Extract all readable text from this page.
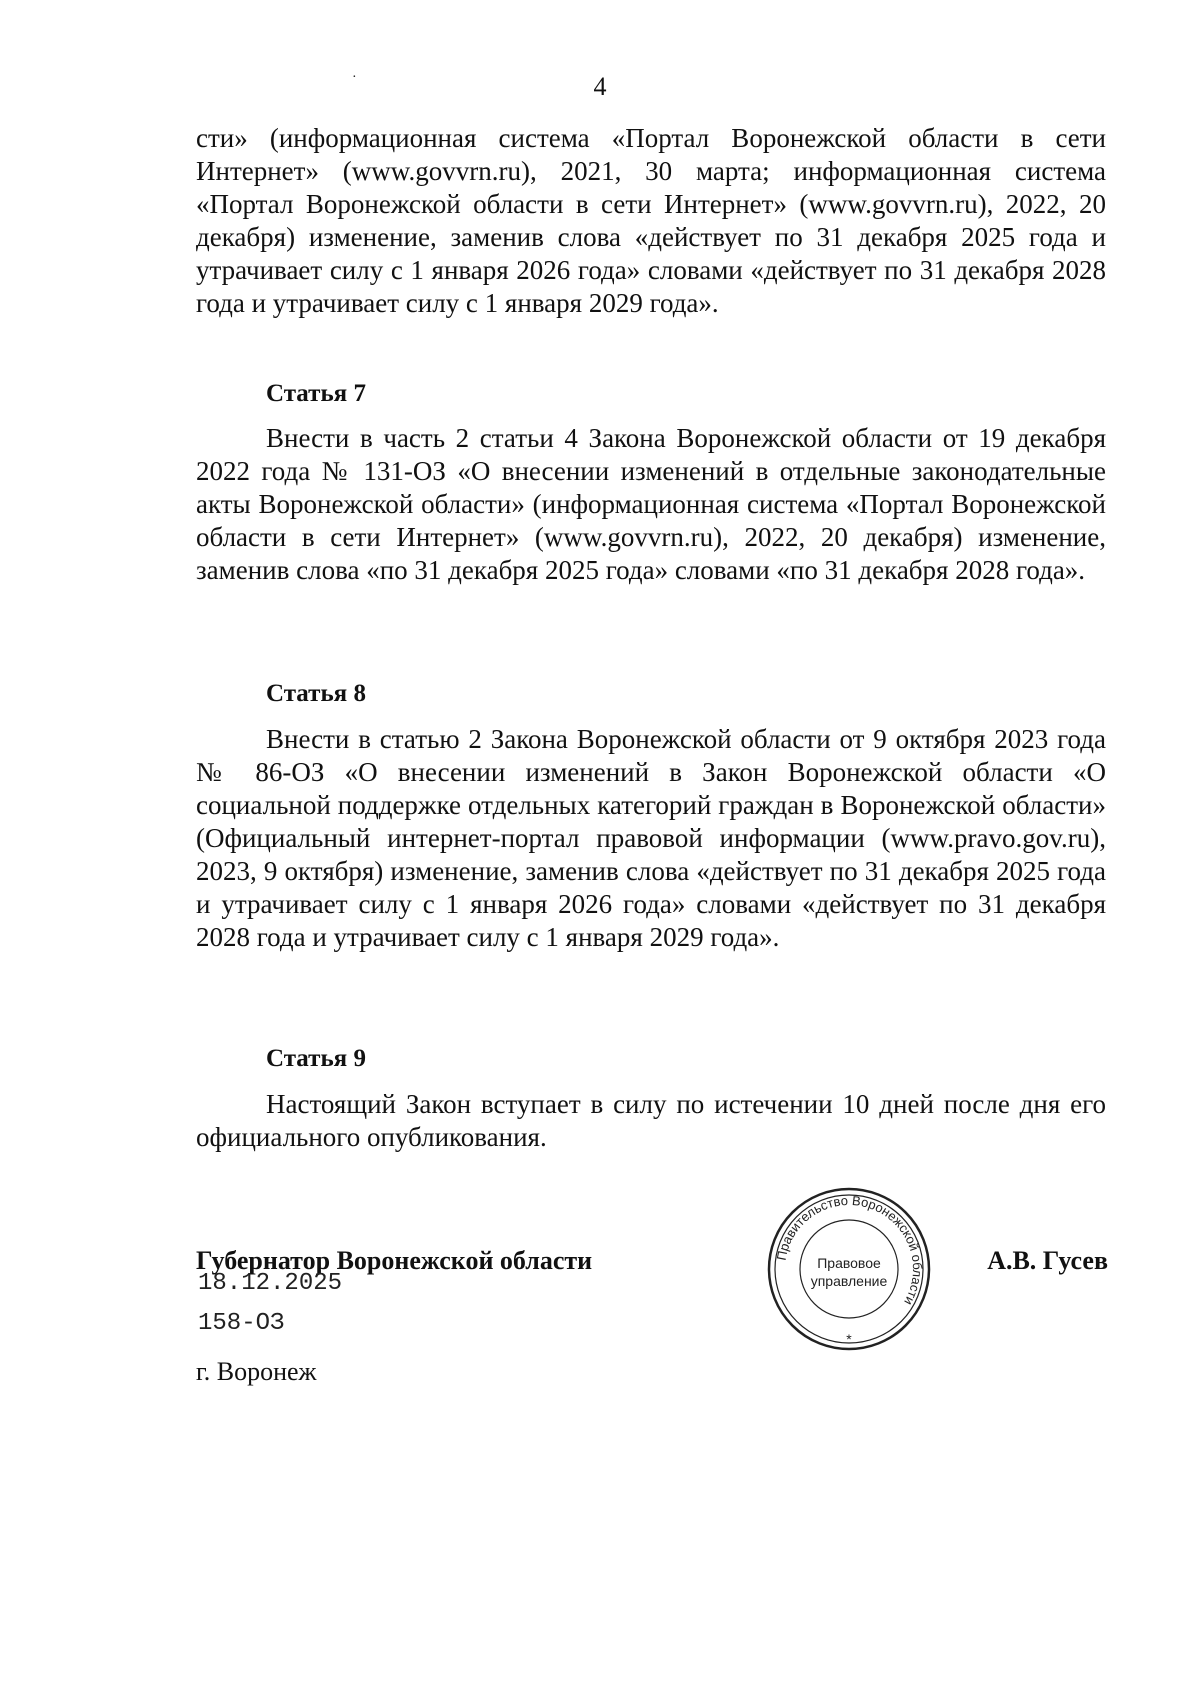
·	4

сти» (информационная система «Портал Воронежской области в сети Интернет» (www.govvrn.ru), 2021, 30 марта; информационная система «Портал Воронежской области в сети Интернет» (www.govvrn.ru), 2022, 20 декабря) изменение, заменив слова «действует по 31 декабря 2025 года и утрачивает силу с 1 января 2026 года» словами «действует по 31 декабря 2028 года и утрачивает силу с 1 января 2029 года».

Статья 7

Внести в часть 2 статьи 4 Закона Воронежской области от 19 декабря 2022 года № 131-ОЗ «О внесении изменений в отдельные законодательные акты Воронежской области» (информационная система «Портал Воронежской области в сети Интернет» (www.govvrn.ru), 2022, 20 декабря) изменение, заменив слова «по 31 декабря 2025 года» словами «по 31 декабря 2028 года».

Статья 8

Внести в статью 2 Закона Воронежской области от 9 октября 2023 года № 86-ОЗ «О внесении изменений в Закон Воронежской области «О социальной поддержке отдельных категорий граждан в Воронежской области» (Официальный интернет-портал правовой информации (www.pravo.gov.ru), 2023, 9 октября) изменение, заменив слова «действует по 31 декабря 2025 года и утрачивает силу с 1 января 2026 года» словами «действует по 31 декабря 2028 года и утрачивает силу с 1 января 2029 года».

Статья 9

Настоящий Закон вступает в силу по истечении 10 дней после дня его официального опубликования.

Губернатор Воронежской области
18.12.2025
158-ОЗ
г. Воронеж
Правительство Воронежской области
Правовое
управление
*
А.В. Гусев
